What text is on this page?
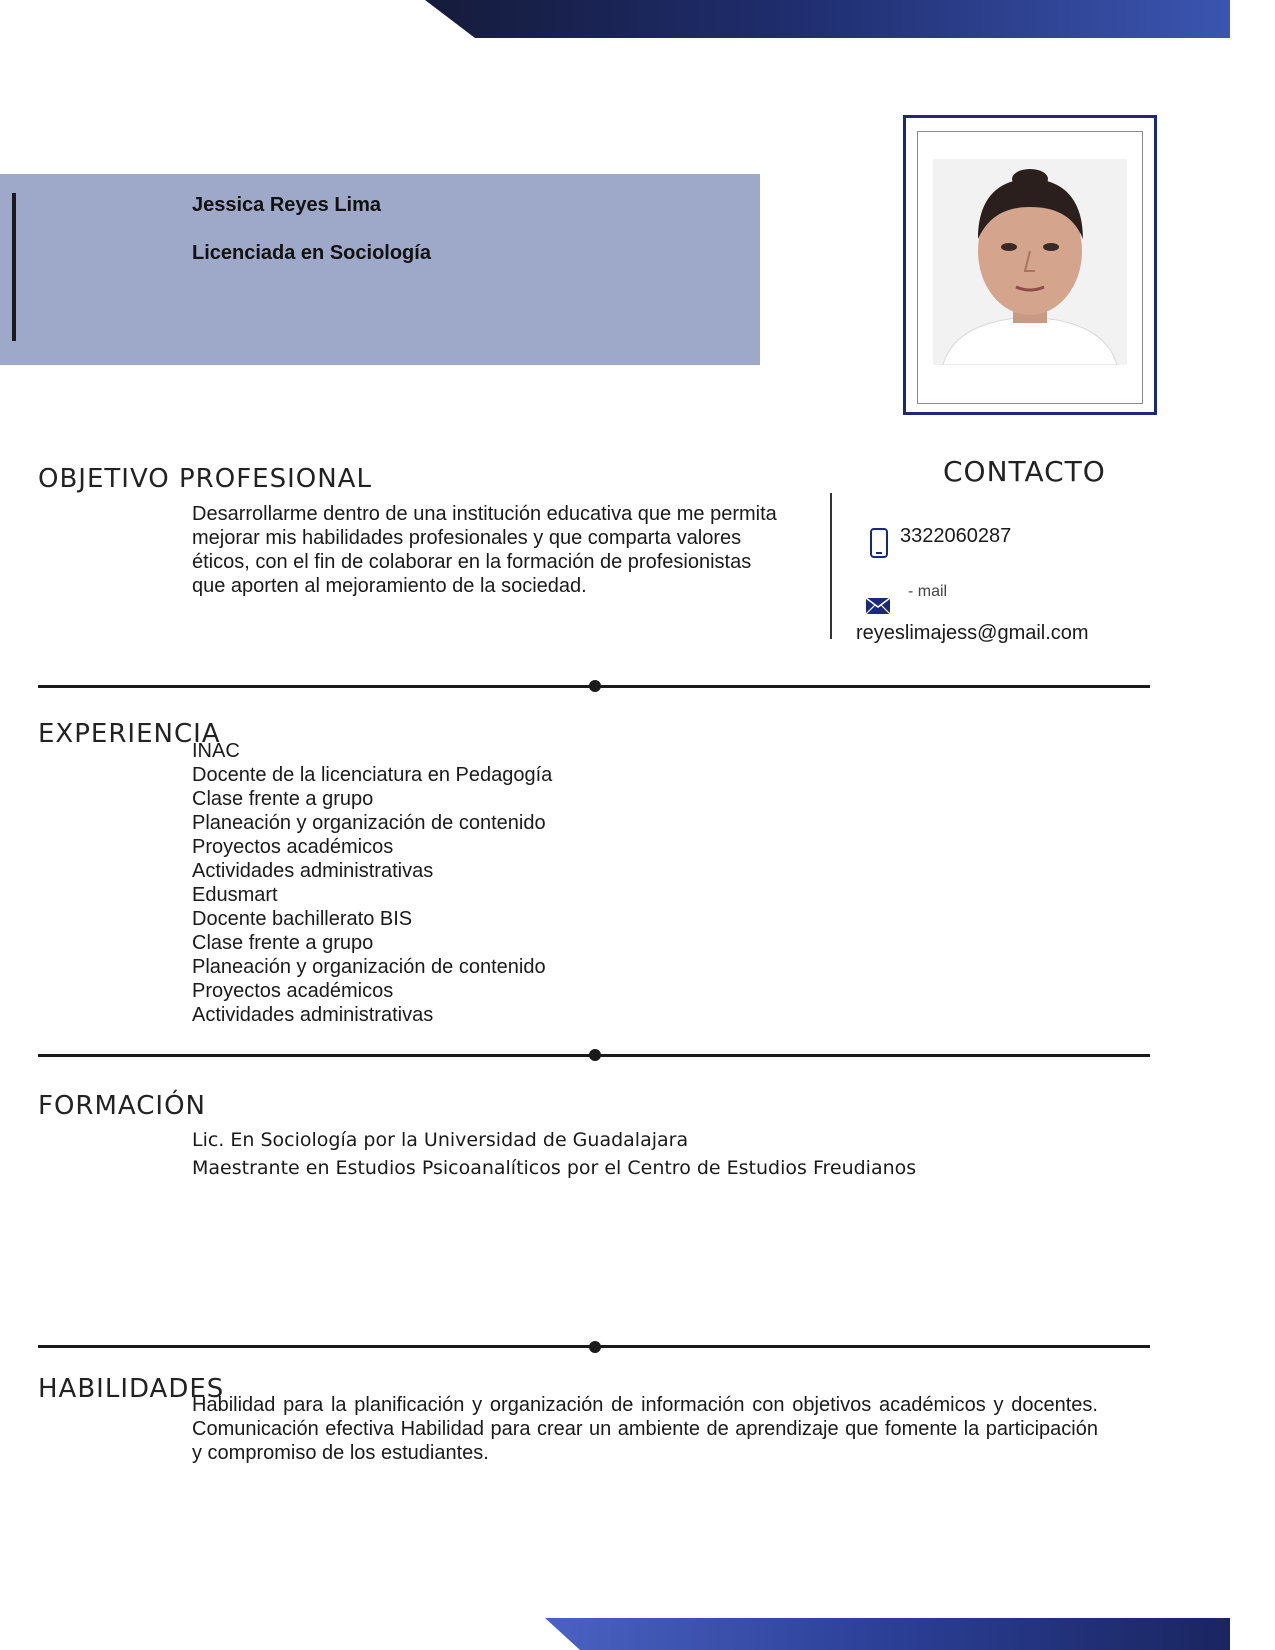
Jessica Reyes Lima
Licenciada en Sociología
OBJETIVO PROFESIONAL
Desarrollarme dentro de una institución educativa que me permita mejorar mis habilidades profesionales y que comparta valores éticos, con el fin de colaborar en la formación de profesionistas que aporten al mejoramiento de la sociedad.
CONTACTO
3322060287
- mail
reyeslimajess@gmail.com
EXPERIENCIA
INAC
Docente de la licenciatura en Pedagogía
Clase frente a grupo
Planeación y organización de contenido
Proyectos académicos
Actividades administrativas
Edusmart
Docente bachillerato BIS
Clase frente a grupo
Planeación y organización de contenido
Proyectos académicos
Actividades administrativas
FORMACIÓN
Lic. En Sociología por la Universidad de Guadalajara
Maestrante en Estudios Psicoanalíticos por el Centro de Estudios Freudianos
HABILIDADES
Habilidad para la planificación y organización de información con objetivos académicos y docentes. Comunicación efectiva Habilidad para crear un ambiente de aprendizaje que fomente la participación y compromiso de los estudiantes.
